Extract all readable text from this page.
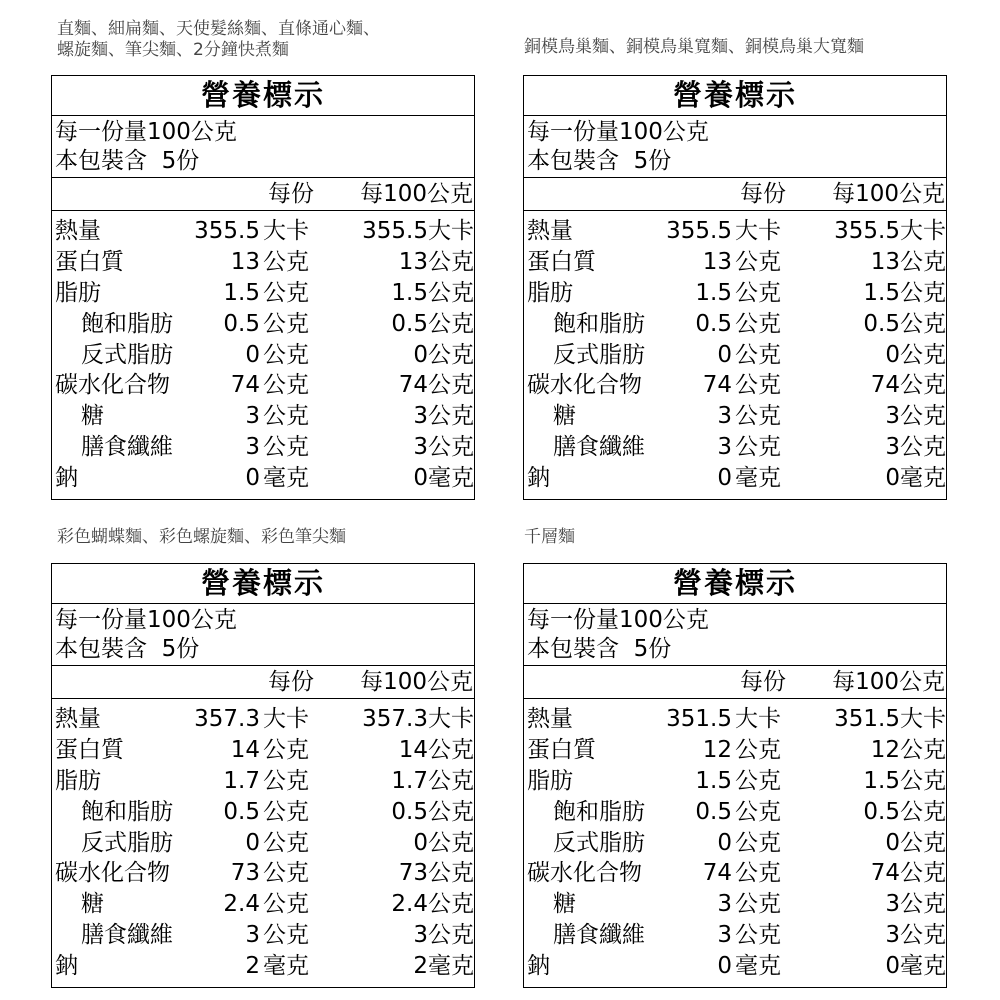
直麵、細扁麵、天使髮絲麵、直條通心麵、
螺旋麵、筆尖麵、2分鐘快煮麵	銅模鳥巢麵、銅模鳥巢寬麵、銅模鳥巢大寬麵
彩色蝴蝶麵、彩色螺旋麵、彩色筆尖麵	千層麵
營養標示
每一份量100公克
本包裝含  5份
每份 每100公克
熱量	355.5 大卡 355.5大卡
蛋白質	13 公克	13公克
脂肪	1.5 公克	1.5公克
飽和脂肪	0.5 公克	0.5公克
反式脂肪	0 公克	0公克
碳水化合物	74 公克	74公克
糖	3 公克	3公克
膳食纖維	3 公克	3公克
鈉	0 毫克	0毫克
營養標示
每一份量100公克
本包裝含  5份
每份 每100公克
熱量	355.5 大卡 355.5大卡
蛋白質	13 公克	13公克
脂肪	1.5 公克	1.5公克
飽和脂肪	0.5 公克	0.5公克
反式脂肪	0 公克	0公克
碳水化合物	74 公克	74公克
糖	3 公克	3公克
膳食纖維	3 公克	3公克
鈉	0 毫克	0毫克
營養標示
每一份量100公克
本包裝含  5份
每份 每100公克
熱量	357.3 大卡 357.3大卡
蛋白質	14 公克	14公克
脂肪	1.7 公克	1.7公克
飽和脂肪	0.5 公克	0.5公克
反式脂肪	0 公克	0公克
碳水化合物	73 公克	73公克
糖	2.4 公克	2.4公克
膳食纖維	3 公克	3公克
鈉	2 毫克	2毫克
營養標示
每一份量100公克
本包裝含  5份
每份 每100公克
熱量	351.5 大卡 351.5大卡
蛋白質	12 公克	12公克
脂肪	1.5 公克	1.5公克
飽和脂肪	0.5 公克	0.5公克
反式脂肪	0 公克	0公克
碳水化合物	74 公克	74公克
糖	3 公克	3公克
膳食纖維	3 公克	3公克
鈉	0 毫克	0毫克
